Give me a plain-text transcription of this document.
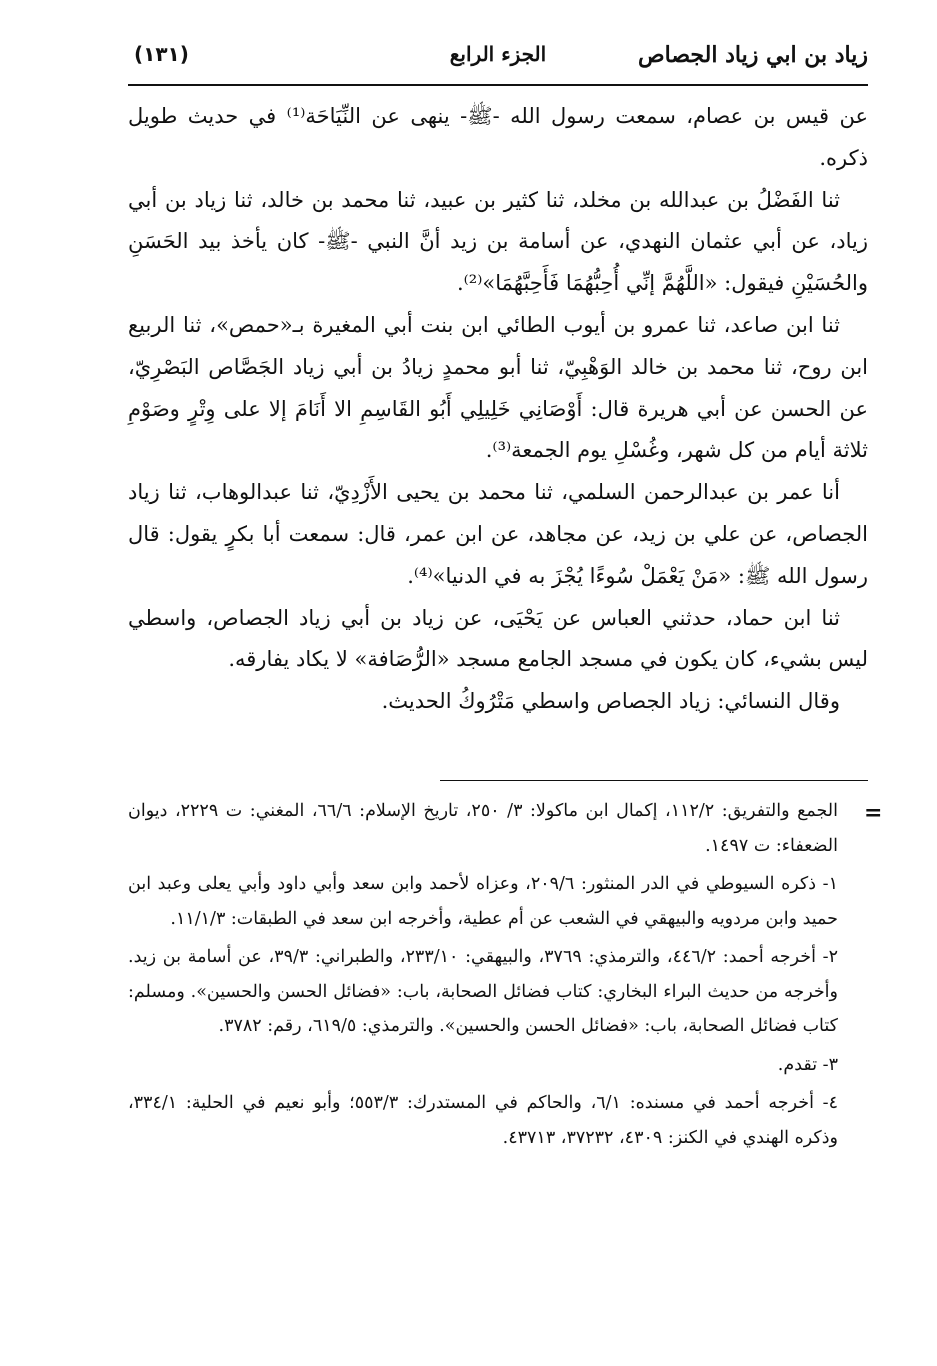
زياد بن ابي زياد الجصاص
الجزء الرابع
(١٣١)

عن قيس بن عصام، سمعت رسول الله -ﷺ- ينهى عن النِّيَاحَة⁽¹⁾ في حديث طويل ذكره.

ثنا الفَضْلُ بن عبدالله بن مخلد، ثنا كثير بن عبيد، ثنا محمد بن خالد، ثنا زياد بن أبي زياد، عن أبي عثمان النهدي، عن أسامة بن زيد أنَّ النبي -ﷺ- كان يأخذ بيد الحَسَنِ والحُسَيْنِ فيقول: «اللَّهُمَّ إنِّي أُحِبُّهُمَا فَأَحِبَّهُمَا»⁽²⁾.

ثنا ابن صاعد، ثنا عمرو بن أيوب الطائي ابن بنت أبي المغيرة بـ«حمص»، ثنا الربيع ابن روح، ثنا محمد بن خالد الوَهْبِيّ، ثنا أبو محمدٍ زيادُ بن أبي زياد الجَصَّاص البَصْرِيّ، عن الحسن عن أبي هريرة قال: أَوْصَانِي خَلِيلِي أَبُو القَاسِمِ الا أَنَامَ إلا على وِتْرٍ وصَوْمِ ثلاثة أيام من كل شهر، وغُسْلِ يوم الجمعة⁽³⁾.

أنا عمر بن عبدالرحمن السلمي، ثنا محمد بن يحيى الأَزْدِيّ، ثنا عبدالوهاب، ثنا زياد الجصاص، عن علي بن زيد، عن مجاهد، عن ابن عمر، قال: سمعت أبا بكرٍ يقول: قال رسول الله ﷺ: «مَنْ يَعْمَلْ سُوءًا يُجْزَ به في الدنيا»⁽⁴⁾.

ثنا ابن حماد، حدثني العباس عن يَحْيَى، عن زياد بن أبي زياد الجصاص، واسطي ليس بشيء، كان يكون في مسجد الجامع مسجد «الرُّصَافة» لا يكاد يفارقه.

وقال النسائي: زياد الجصاص واسطي مَتْرُوكُ الحديث.

=

الجمع والتفريق: ١١٢/٢، إكمال ابن ماكولا: ٣/ ٢٥٠، تاريخ الإسلام: ٦٦/٦، المغني: ت ٢٢٢٩، ديوان الضعفاء: ت ١٤٩٧.

١- ذكره السيوطي في الدر المنثور: ٢٠٩/٦، وعزاه لأحمد وابن سعد وأبي داود وأبي يعلى وعبد ابن حميد وابن مردويه والبيهقي في الشعب عن أم عطية، وأخرجه ابن سعد في الطبقات: ١١/١/٣.

٢- أخرجه أحمد: ٤٤٦/٢، والترمذي: ٣٧٦٩، والبيهقي: ٢٣٣/١٠، والطبراني: ٣٩/٣، عن أسامة بن زيد. وأخرجه من حديث البراء البخاري: كتاب فضائل الصحابة، باب: «فضائل الحسن والحسين». ومسلم: كتاب فضائل الصحابة، باب: «فضائل الحسن والحسين». والترمذي: ٦١٩/٥، رقم: ٣٧٨٢.

٣- تقدم.

٤- أخرجه أحمد في مسنده: ٦/١، والحاكم في المستدرك: ٥٥٣/٣؛ وأبو نعيم في الحلية: ٣٣٤/١، وذكره الهندي في الكنز: ٤٣٠٩، ٣٧٢٣٢، ٤٣٧١٣.
